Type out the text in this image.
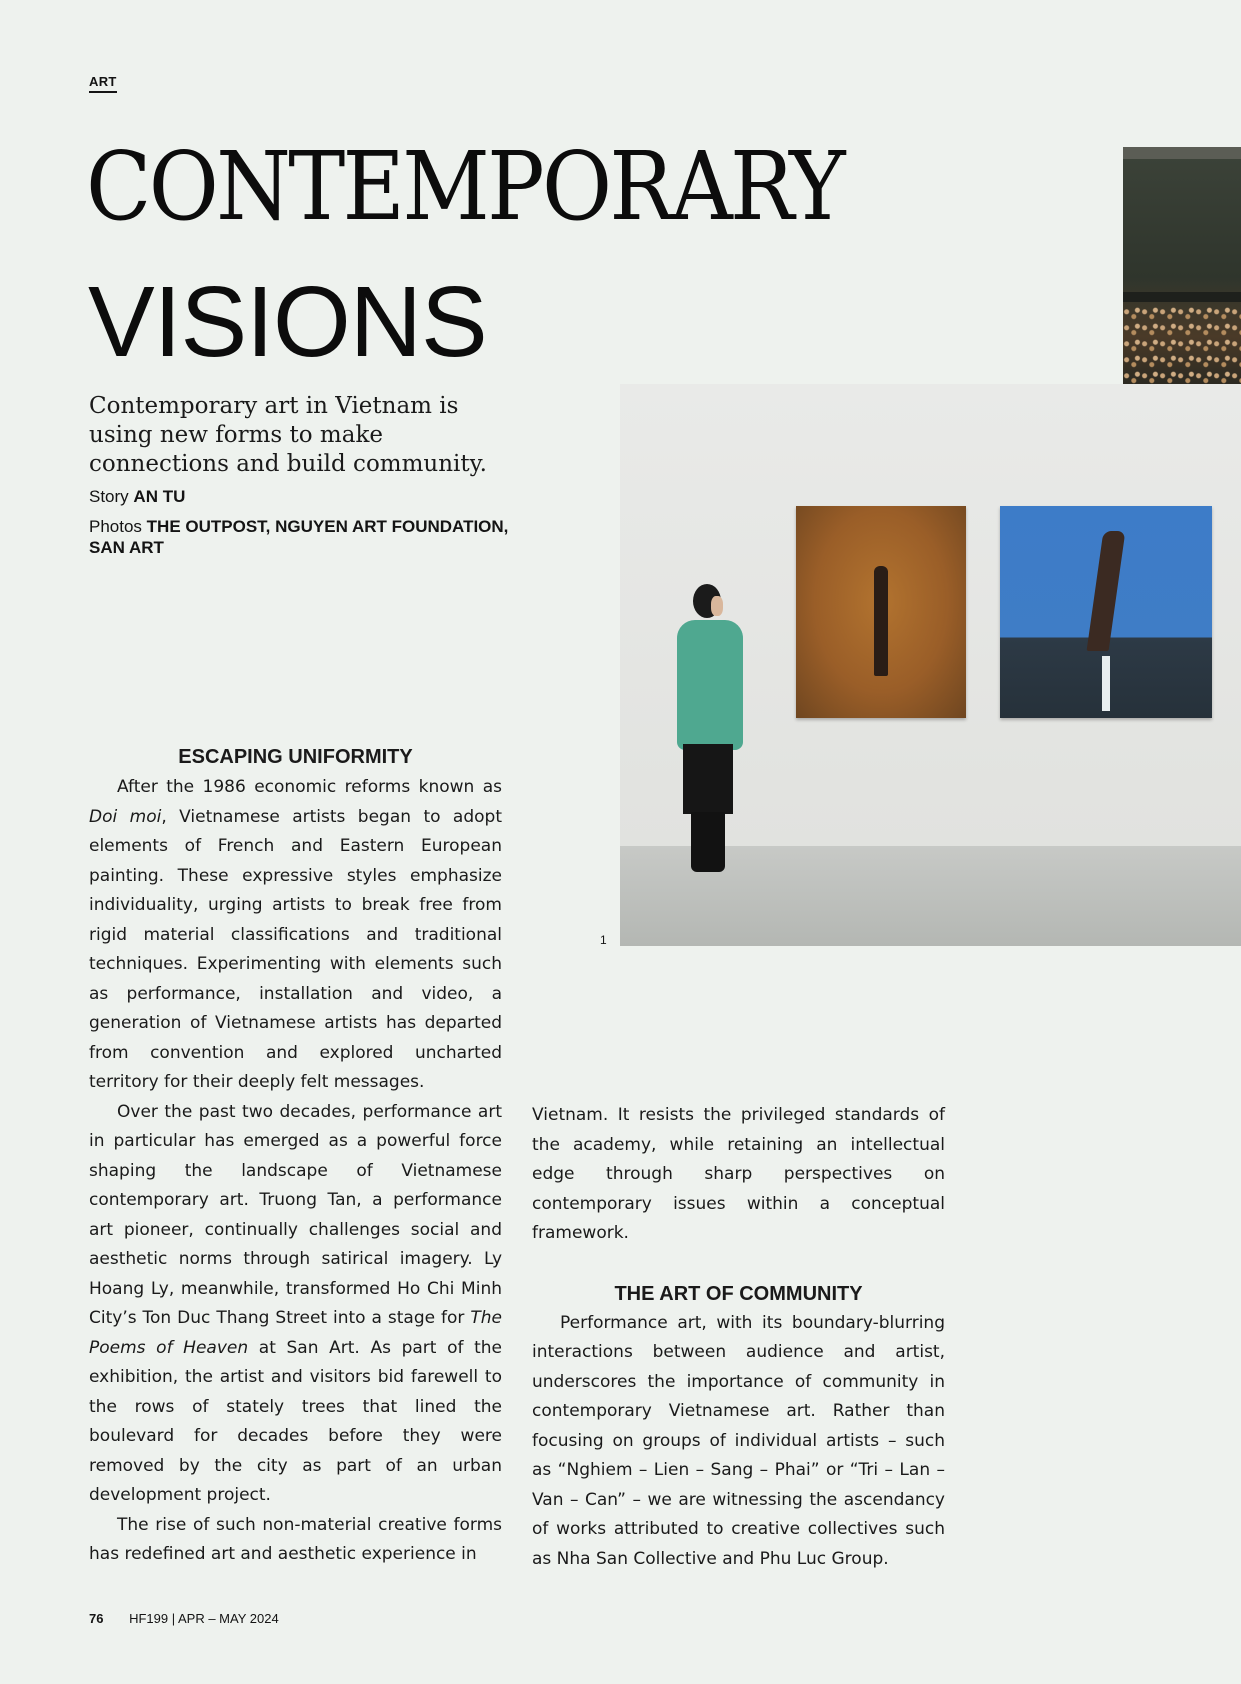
ART
CONTEMPORARY
VISIONS
Contemporary art in Vietnam is using new forms to make connections and build community.
Story AN TU
Photos THE OUTPOST, NGUYEN ART FOUNDATION, SAN ART
1
ESCAPING UNIFORMITY

After the 1986 economic reforms known as Doi moi, Vietnamese artists began to adopt elements of French and Eastern European painting. These expressive styles emphasize individuality, urging artists to break free from rigid material classifications and traditional techniques. Experimenting with elements such as performance, installation and video, a generation of Vietnamese artists has departed from convention and explored uncharted territory for their deeply felt messages.

Over the past two decades, performance art in particular has emerged as a powerful force shaping the landscape of Vietnamese contemporary art. Truong Tan, a performance art pioneer, continually challenges social and aesthetic norms through satirical imagery. Ly Hoang Ly, meanwhile, transformed Ho Chi Minh City’s Ton Duc Thang Street into a stage for The Poems of Heaven at San Art. As part of the exhibition, the artist and visitors bid farewell to the rows of stately trees that lined the boulevard for decades before they were removed by the city as part of an urban development project.

The rise of such non-material creative forms has redefined art and aesthetic experience in

Vietnam. It resists the privileged standards of the academy, while retaining an intellectual edge through sharp perspectives on contemporary issues within a conceptual framework.

THE ART OF COMMUNITY

Performance art, with its boundary-blurring interactions between audience and artist, underscores the importance of community in contemporary Vietnamese art. Rather than focusing on groups of individual artists – such as “Nghiem – Lien – Sang – Phai” or “Tri – Lan – Van – Can” – we are witnessing the ascendancy of works attributed to creative collectives such as Nha San Collective and Phu Luc Group.

76 HF199 | APR – MAY 2024
